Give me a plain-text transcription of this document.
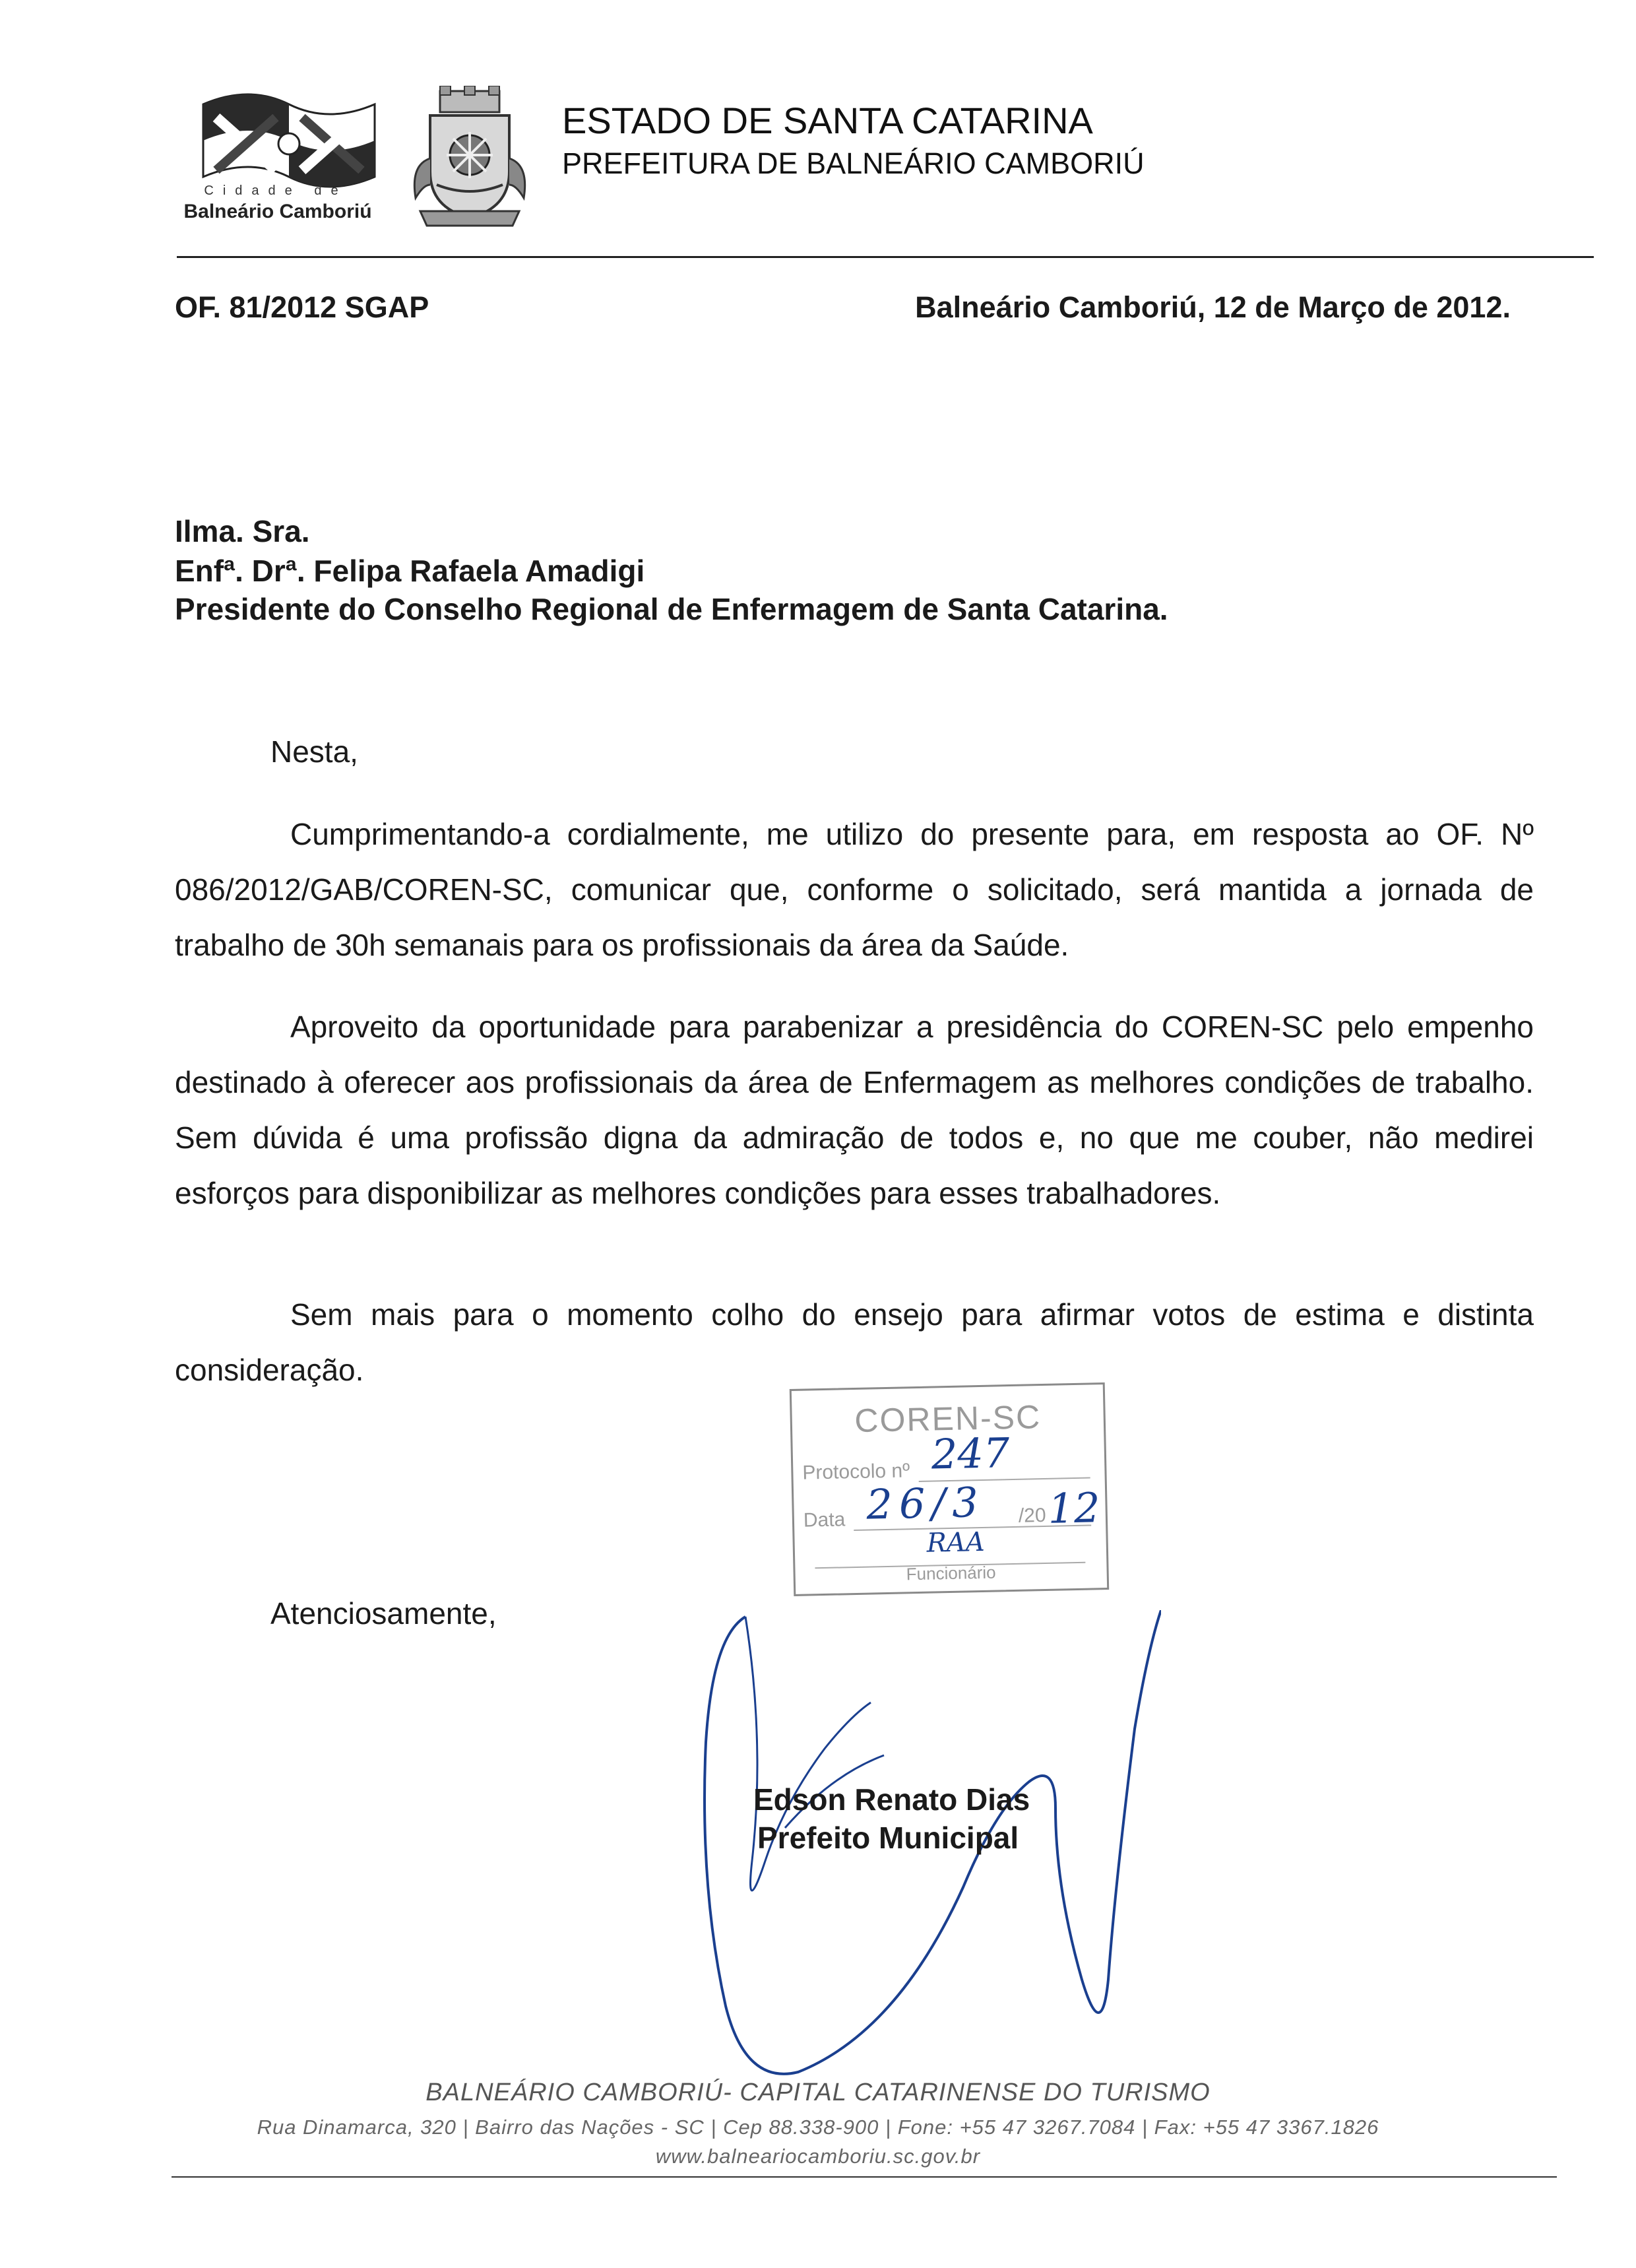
Cidade de
Balneário Camboriú
ESTADO DE SANTA CATARINA
PREFEITURA DE BALNEÁRIO CAMBORIÚ
OF. 81/2012 SGAP	Balneário Camboriú, 12 de Março de 2012.
Ilma. Sra.
Enfª. Drª. Felipa Rafaela Amadigi
Presidente do Conselho Regional de Enfermagem de Santa Catarina.
Nesta,

Cumprimentando-a cordialmente, me utilizo do presente para, em resposta ao OF. Nº 086/2012/GAB/COREN-SC, comunicar que, conforme o solicitado, será mantida a jornada de trabalho de 30h semanais para os profissionais da área da Saúde.

Aproveito da oportunidade para parabenizar a presidência do COREN-SC pelo empenho destinado à oferecer aos profissionais da área de Enfermagem as melhores condições de trabalho. Sem dúvida é uma profissão digna da admiração de todos e, no que me couber, não medirei esforços para disponibilizar as melhores condições para esses trabalhadores.

Sem mais para o momento colho do ensejo para afirmar votos de estima e distinta consideração.

Atenciosamente,
COREN-SC
Protocolo nº
Data	/20
Funcionário
247
26/3 12
RAA
Edson Renato Dias
Prefeito Municipal
BALNEÁRIO CAMBORIÚ- CAPITAL CATARINENSE DO TURISMO
Rua Dinamarca, 320 | Bairro das Nações - SC | Cep 88.338-900 | Fone: +55 47 3267.7084 | Fax: +55 47 3367.1826
www.balneariocamboriu.sc.gov.br
